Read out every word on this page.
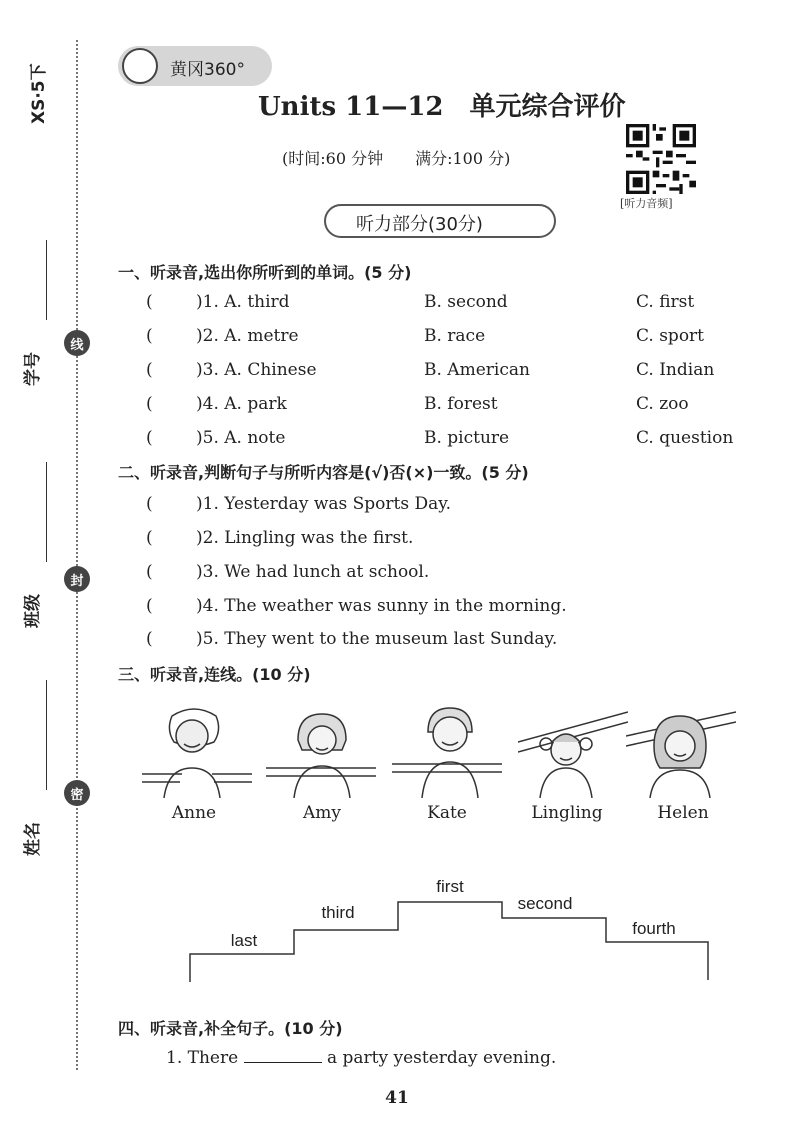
XS·5下
线
封
密
学号
班级
姓名
黄冈360°
Units 11—12　单元综合评价
(时间:60 分钟　　满分:100 分)
[听力音频]
听力部分(30分)
一、听录音,选出你所听到的单词。(5 分)
(	)1. A. third	B. second	C. first
(	)2. A. metre	B. race	C. sport
(	)3. A. Chinese	B. American	C. Indian
(	)4. A. park	B. forest	C. zoo
(	)5. A. note	B. picture	C. question
二、听录音,判断句子与所听内容是(√)否(×)一致。(5 分)
(	)1. Yesterday was Sports Day.
(	)2. Lingling was the first.
(	)3. We had lunch at school.
(	)4. The weather was sunny in the morning.
(	)5. They went to the museum last Sunday.
三、听录音,连线。(10 分)
Anne	Amy	Kate	Lingling	Helen
last
third
first
second
fourth
四、听录音,补全句子。(10 分)
1. There	a party yesterday evening.
41
